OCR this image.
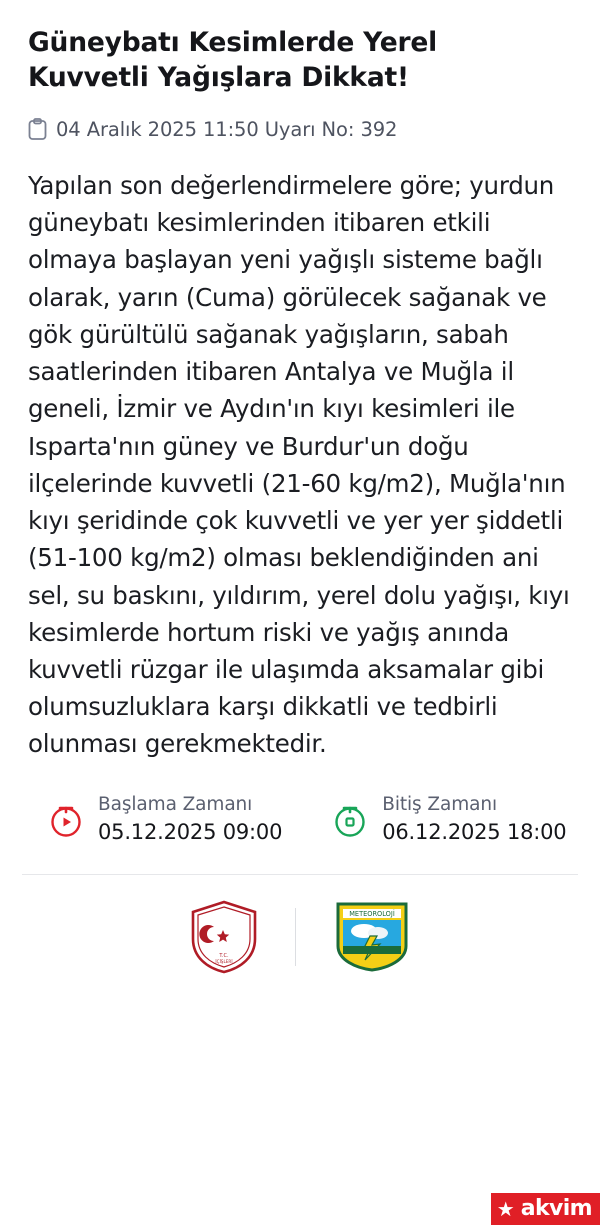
Güneybatı Kesimlerde Yerel Kuvvetli Yağışlara Dikkat!
04 Aralık 2025 11:50 Uyarı No: 392
Yapılan son değerlendirmelere göre; yurdun güneybatı kesimlerinden itibaren etkili olmaya başlayan yeni yağışlı sisteme bağlı olarak, yarın (Cuma) görülecek sağanak ve gök gürültülü sağanak yağışların, sabah saatlerinden itibaren Antalya ve Muğla il geneli, İzmir ve Aydın'ın kıyı kesimleri ile Isparta'nın güney ve Burdur'un doğu ilçelerinde kuvvetli (21-60 kg/m2), Muğla'nın kıyı şeridinde çok kuvvetli ve yer yer şiddetli (51-100 kg/m2) olması beklendiğinden ani sel, su baskını, yıldırım, yerel dolu yağışı, kıyı kesimlerde hortum riski ve yağış anında kuvvetli rüzgar ile ulaşımda aksamalar gibi olumsuzluklara karşı dikkatli ve tedbirli olunması gerekmektedir.
Başlama Zamanı
05.12.2025 09:00
Bitiş Zamanı
06.12.2025 18:00
T.C.
İÇİŞLERİ
METEOROLOJİ
★ akvim
